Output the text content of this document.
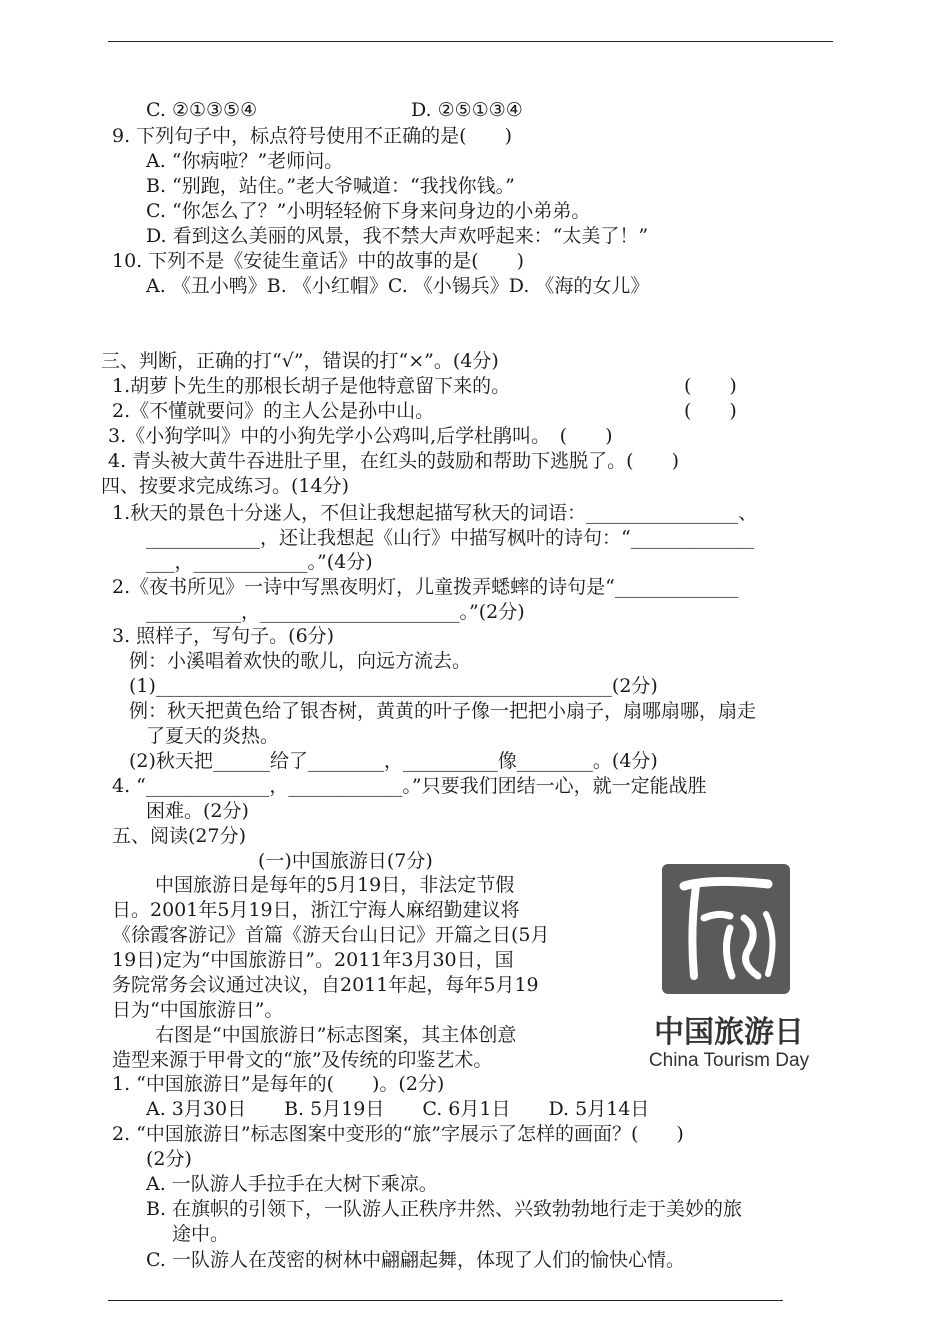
C. ②①③⑤④	D. ②⑤①③④
9. 下列句子中，标点符号使用不正确的是(　　)
A. “你病啦？”老师问。
B. “别跑，站住。”老大爷喊道：“我找你钱。”
C. “你怎么了？”小明轻轻俯下身来问身边的小弟弟。
D. 看到这么美丽的风景，我不禁大声欢呼起来：“太美了！”
10. 下列不是《安徒生童话》中的故事的是(　　)
A. 《丑小鸭》B. 《小红帽》C. 《小锡兵》D. 《海的女儿》
三、判断，正确的打“√”，错误的打“×”。(4分)
1.胡萝卜先生的那根长胡子是他特意留下来的。	(　　)
2.《不懂就要问》的主人公是孙中山。	(　　)
3.《小狗学叫》中的小狗先学小公鸡叫,后学杜鹃叫。　(　　)
4. 青头被大黄牛吞进肚子里，在红头的鼓励和帮助下逃脱了。(　　)
四、按要求完成练习。(14分)
1.秋天的景色十分迷人，不但让我想起描写秋天的词语：________________、
____________，还让我想起《山行》中描写枫叶的诗句：“_____________
___，____________。”(4分)
2.《夜书所见》一诗中写黑夜明灯，儿童拨弄蟋蟀的诗句是“_____________
__________，_____________________。”(2分)
3. 照样子，写句子。(6分)
例：小溪唱着欢快的歌儿，向远方流去。
(1)________________________________________________(2分)
例：秋天把黄色给了银杏树，黄黄的叶子像一把把小扇子，扇哪扇哪，扇走
了夏天的炎热。
(2)秋天把______给了________，__________像________。(4分)
4. “_____________，____________。”只要我们团结一心，就一定能战胜
困难。(2分)
五、阅读(27分)
(一)中国旅游日(7分)
中国旅游日是每年的5月19日，非法定节假
日。2001年5月19日，浙江宁海人麻绍勤建议将
《徐霞客游记》首篇《游天台山日记》开篇之日(5月
19日)定为“中国旅游日”。2011年3月30日，国
务院常务会议通过决议，自2011年起，每年5月19
日为“中国旅游日”。
右图是“中国旅游日”标志图案，其主体创意
造型来源于甲骨文的“旅”及传统的印鉴艺术。
中国旅游日
China Tourism Day
1. “中国旅游日”是每年的(　　)。(2分)
A. 3月30日　　B. 5月19日　　C. 6月1日　　D. 5月14日
2. “中国旅游日”标志图案中变形的“旅”字展示了怎样的画面？(　　)
(2分)
A. 一队游人手拉手在大树下乘凉。
B. 在旗帜的引领下，一队游人正秩序井然、兴致勃勃地行走于美妙的旅
途中。
C. 一队游人在茂密的树林中翩翩起舞，体现了人们的愉快心情。
